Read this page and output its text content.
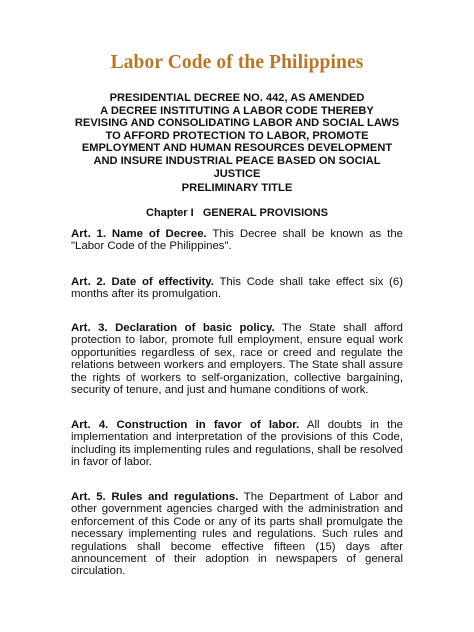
Labor Code of the Philippines
PRESIDENTIAL DECREE NO. 442, AS AMENDED
A DECREE INSTITUTING A LABOR CODE THEREBY
REVISING AND CONSOLIDATING LABOR AND SOCIAL LAWS
TO AFFORD PROTECTION TO LABOR, PROMOTE
EMPLOYMENT AND HUMAN RESOURCES DEVELOPMENT
AND INSURE INDUSTRIAL PEACE BASED ON SOCIAL
JUSTICE
PRELIMINARY TITLE
Chapter I   GENERAL PROVISIONS
Art. 1. Name of Decree. This Decree shall be known as the "Labor Code of the Philippines".
Art. 2. Date of effectivity. This Code shall take effect six (6) months after its promulgation.
Art. 3. Declaration of basic policy. The State shall afford protection to labor, promote full employment, ensure equal work opportunities regardless of sex, race or creed and regulate the relations between workers and employers. The State shall assure the rights of workers to self-organization, collective bargaining, security of tenure, and just and humane conditions of work.
Art. 4. Construction in favor of labor. All doubts in the implementation and interpretation of the provisions of this Code, including its implementing rules and regulations, shall be resolved in favor of labor.
Art. 5. Rules and regulations. The Department of Labor and other government agencies charged with the administration and enforcement of this Code or any of its parts shall promulgate the necessary implementing rules and regulations. Such rules and regulations shall become effective fifteen (15) days after announcement of their adoption in newspapers of general circulation.
